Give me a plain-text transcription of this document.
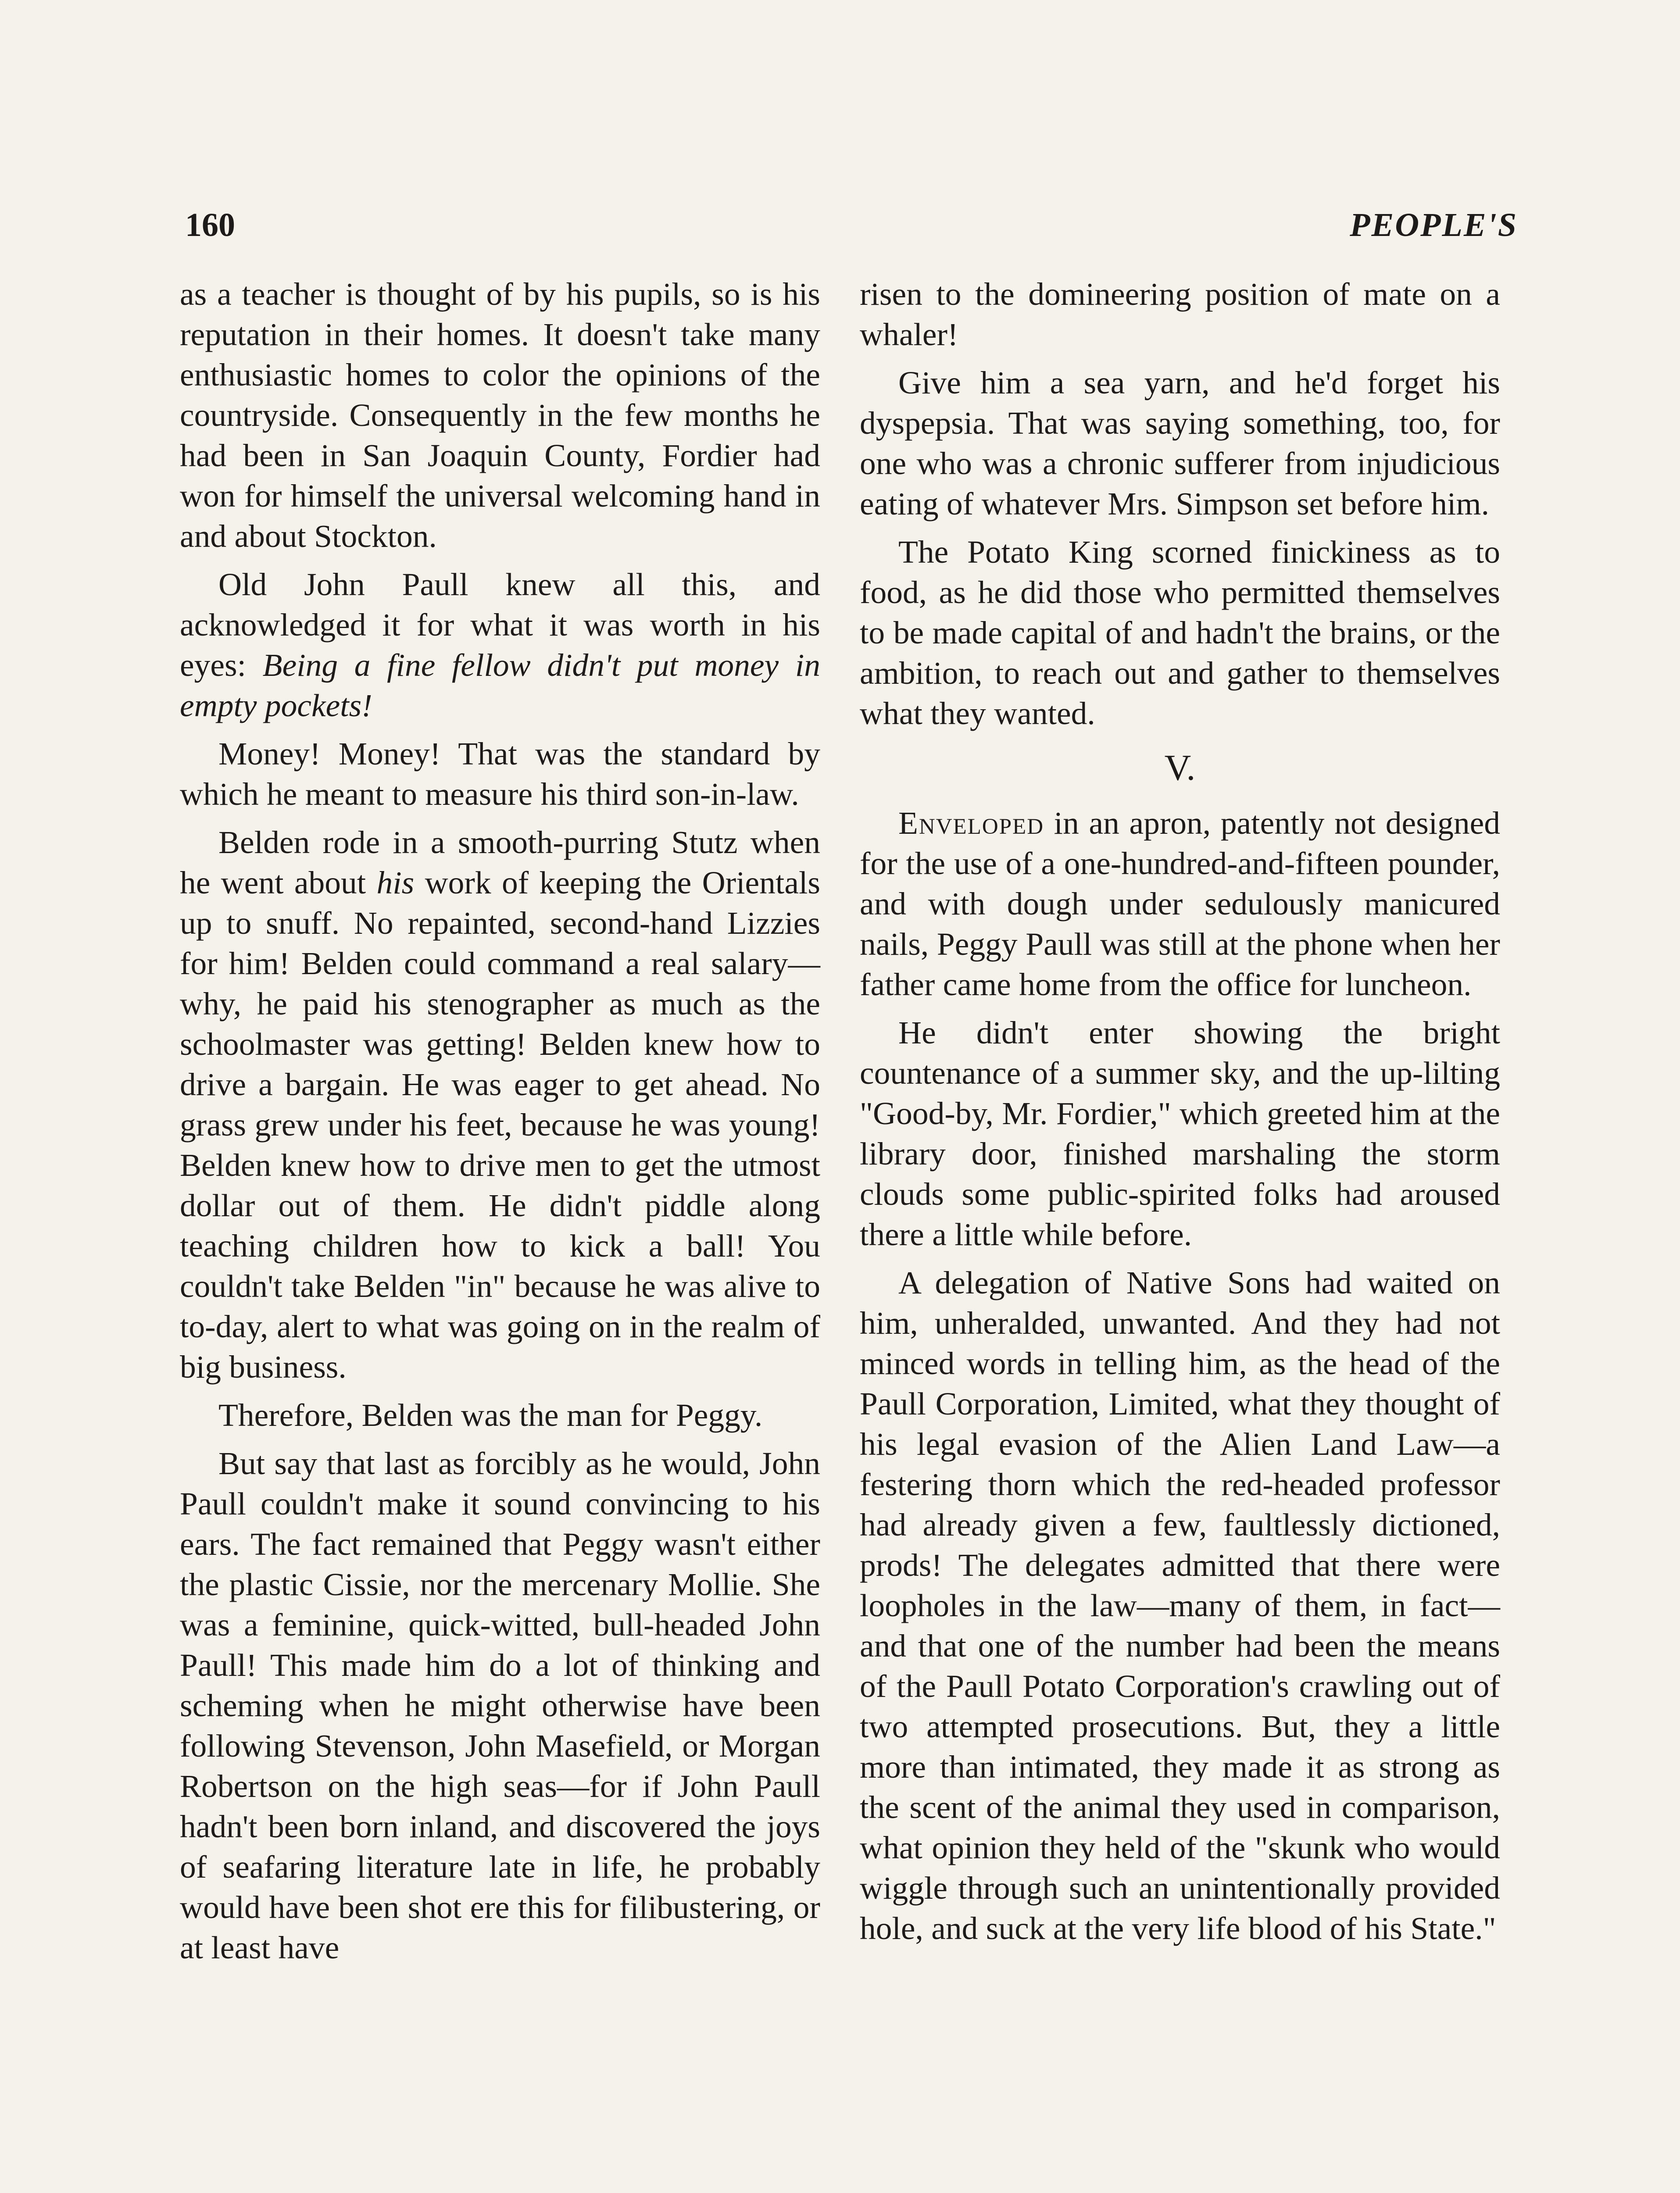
160	PEOPLE'S

as a teacher is thought of by his pupils, so is his reputation in their homes. It doesn't take many enthusiastic homes to color the opinions of the countryside. Consequently in the few months he had been in San Joaquin County, Fordier had won for himself the universal welcoming hand in and about Stockton.

Old John Paull knew all this, and acknowledged it for what it was worth in his eyes: Being a fine fellow didn't put money in empty pockets!

Money! Money! That was the standard by which he meant to measure his third son-in-law.

Belden rode in a smooth-purring Stutz when he went about his work of keeping the Orientals up to snuff. No repainted, second-hand Lizzies for him! Belden could command a real salary—why, he paid his stenographer as much as the schoolmaster was getting! Belden knew how to drive a bargain. He was eager to get ahead. No grass grew under his feet, because he was young! Belden knew how to drive men to get the utmost dollar out of them. He didn't piddle along teaching children how to kick a ball! You couldn't take Belden "in" because he was alive to to-day, alert to what was going on in the realm of big business.

Therefore, Belden was the man for Peggy.

But say that last as forcibly as he would, John Paull couldn't make it sound convincing to his ears. The fact remained that Peggy wasn't either the plastic Cissie, nor the mercenary Mollie. She was a feminine, quick-witted, bull-headed John Paull! This made him do a lot of thinking and scheming when he might otherwise have been following Stevenson, John Masefield, or Morgan Robertson on the high seas—for if John Paull hadn't been born inland, and discovered the joys of seafaring literature late in life, he probably would have been shot ere this for filibustering, or at least have

risen to the domineering position of mate on a whaler!

Give him a sea yarn, and he'd forget his dyspepsia. That was saying something, too, for one who was a chronic sufferer from injudicious eating of whatever Mrs. Simpson set before him.

The Potato King scorned finickiness as to food, as he did those who permitted themselves to be made capital of and hadn't the brains, or the ambition, to reach out and gather to themselves what they wanted.

V.

Enveloped in an apron, patently not designed for the use of a one-hundred-and-fifteen pounder, and with dough under sedulously manicured nails, Peggy Paull was still at the phone when her father came home from the office for luncheon.

He didn't enter showing the bright countenance of a summer sky, and the up-lilting "Good-by, Mr. Fordier," which greeted him at the library door, finished marshaling the storm clouds some public-spirited folks had aroused there a little while before.

A delegation of Native Sons had waited on him, unheralded, unwanted. And they had not minced words in telling him, as the head of the Paull Corporation, Limited, what they thought of his legal evasion of the Alien Land Law—a festering thorn which the red-headed professor had already given a few, faultlessly dictioned, prods! The delegates admitted that there were loopholes in the law—many of them, in fact—and that one of the number had been the means of the Paull Potato Corporation's crawling out of two attempted prosecutions. But, they a little more than intimated, they made it as strong as the scent of the animal they used in comparison, what opinion they held of the "skunk who would wiggle through such an unintentionally provided hole, and suck at the very life blood of his State."
